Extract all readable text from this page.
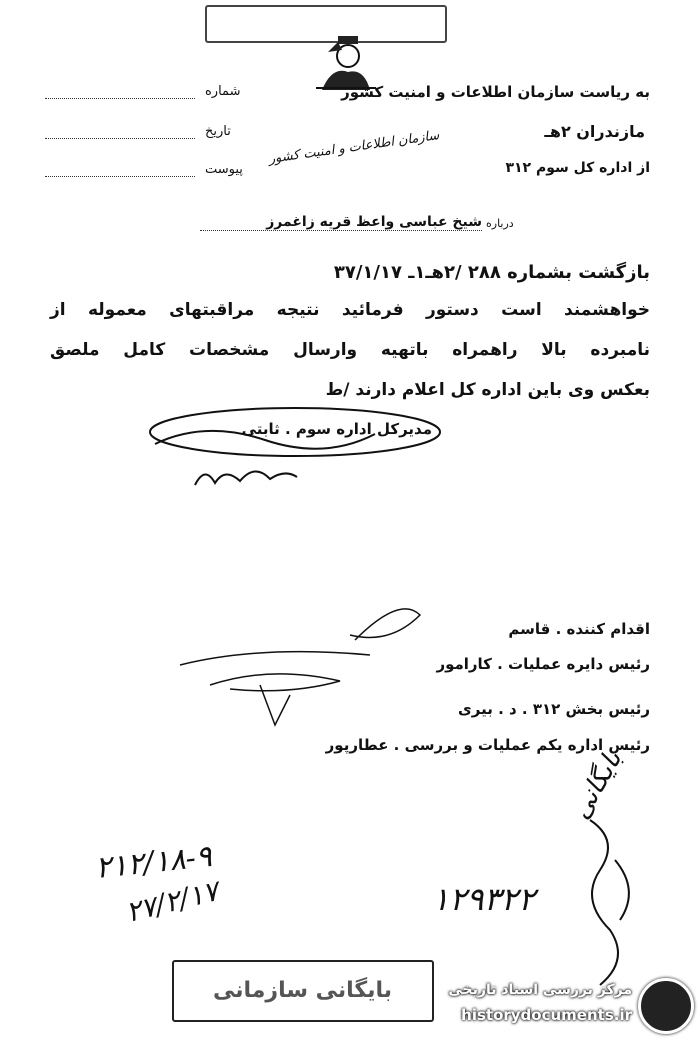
به ریاست سازمان اطلاعات و امنیت کشور
شماره
مازندران ۲هـ
تاریخ	سازمان اطلاعات و امنیت کشور
از اداره کل سوم ۳۱۲
پیوست
درباره
شیخ عباسی واعظ قریه زاغمرز
بازگشت بشماره ۲۸۸ /۲هـ۱ـ ۳۷/۱/۱۷
خواهشمند است دستور فرمائید نتیجه مراقبتهای معموله از
نامبرده بالا راهمراه باتهیه وارسال مشخصات کامل ملصق
بعکس وی باین اداره کل اعلام دارند /ط
مدیرکل اداره سوم . ثابتی
اقدام کننده . قاسم
رئیس دایره عملیات . کارامور
رئیس بخش ۳۱۲ . د . بیری
رئیس اداره یکم عملیات و بررسی . عطارپور
۲۱۲/۱۸-۹
۲۷/۲/۱۷	۱۲۹۳۲۲
بایگانی
بایگانی سازمانی	مرکز بررسی اسناد تاریخی
historydocuments.ir
